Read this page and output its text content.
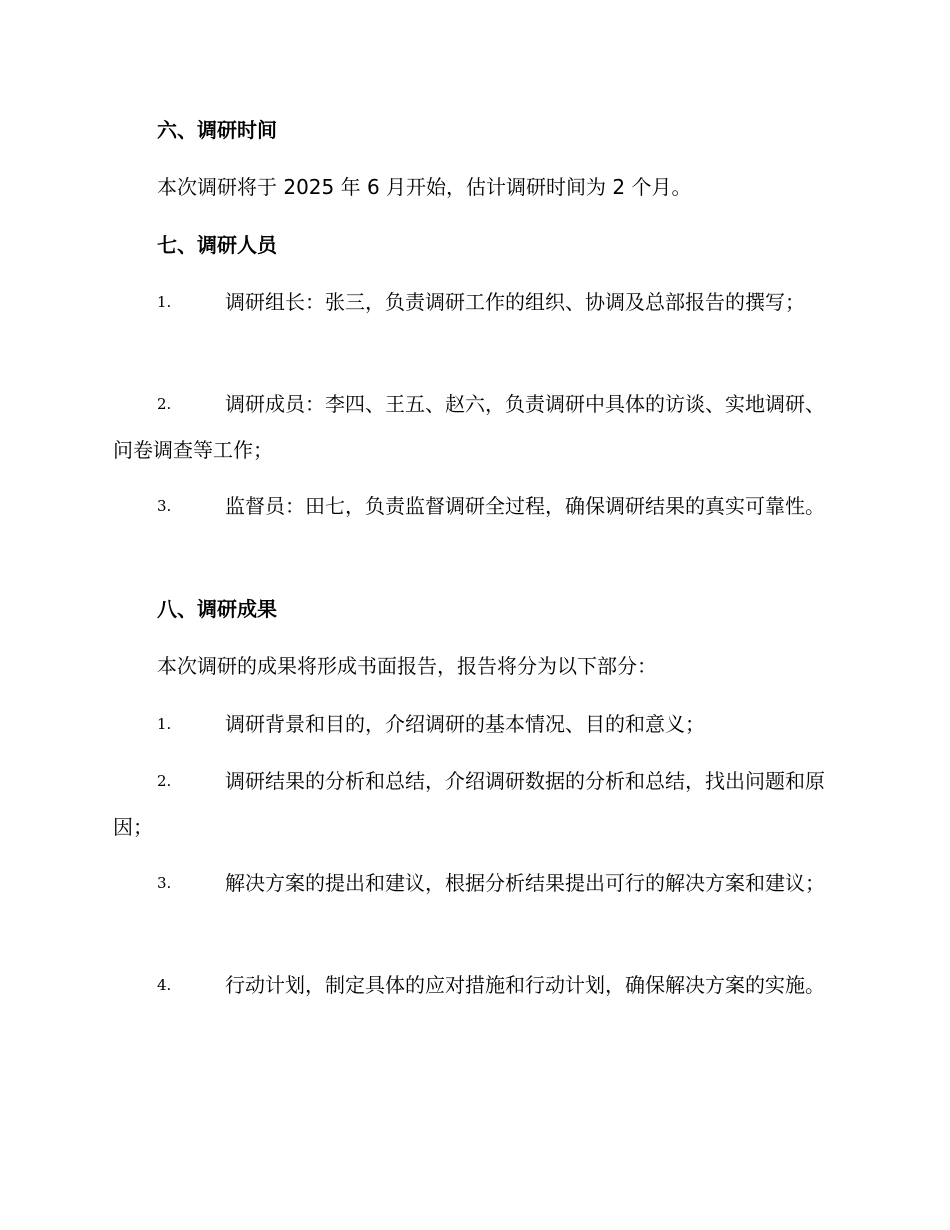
六、调研时间
本次调研将于 2025 年 6 月开始，估计调研时间为 2 个月。
七、调研人员
1.	调研组长：张三，负责调研工作的组织、协调及总部报告的撰写；
2.	调研成员：李四、王五、赵六，负责调研中具体的访谈、实地调研、问卷调查等工作；
3.	监督员：田七，负责监督调研全过程，确保调研结果的真实可靠性。
八、调研成果
本次调研的成果将形成书面报告，报告将分为以下部分：
1.	调研背景和目的，介绍调研的基本情况、目的和意义；
2.	调研结果的分析和总结，介绍调研数据的分析和总结，找出问题和原因；
3.	解决方案的提出和建议，根据分析结果提出可行的解决方案和建议；
4.	行动计划，制定具体的应对措施和行动计划，确保解决方案的实施。
